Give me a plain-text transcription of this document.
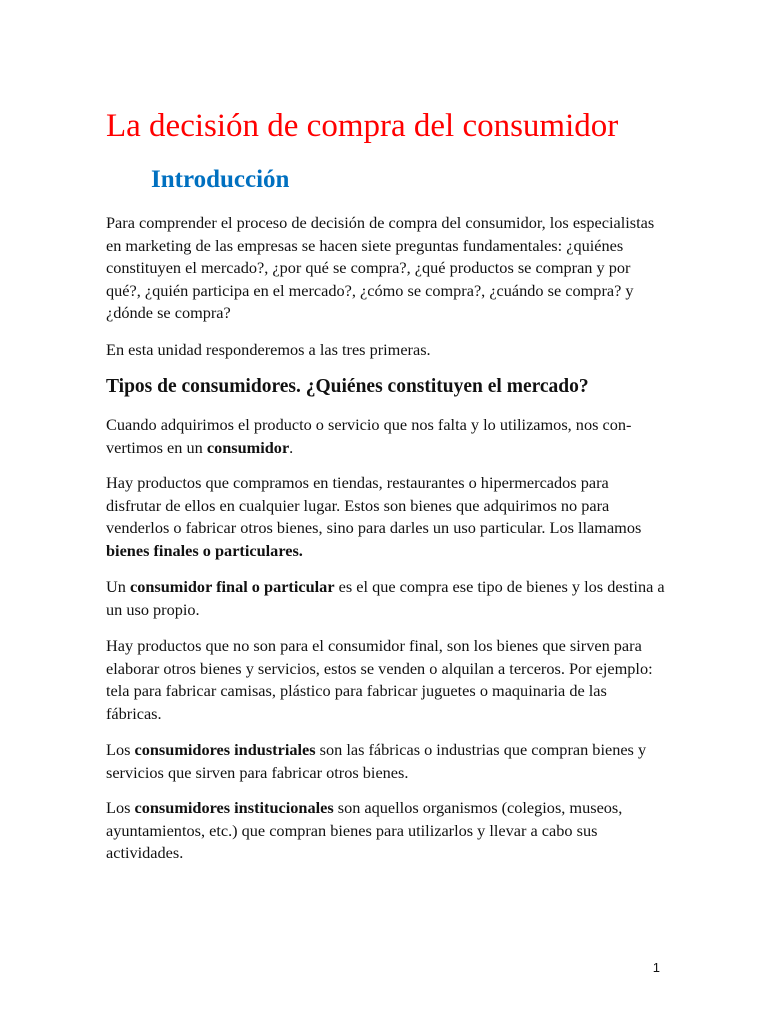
La decisión de compra del consumidor
Introducción

Para comprender el proceso de decisión de compra del consumidor, los especialistas en marketing de las empresas se hacen siete preguntas fundamentales: ¿quiénes constituyen el mercado?, ¿por qué se compra?, ¿qué productos se compran y por qué?, ¿quién participa en el mercado?, ¿cómo se compra?, ¿cuándo se compra? y ¿dónde se compra?

En esta unidad responderemos a las tres primeras.

Tipos de consumidores. ¿Quiénes constituyen el mercado?

Cuando adquirimos el producto o servicio que nos falta y lo utilizamos, nos con- vertimos en un consumidor.

Hay productos que compramos en tiendas, restaurantes o hipermercados para disfrutar de ellos en cualquier lugar. Estos son bienes que adquirimos no para venderlos o fabricar otros bienes, sino para darles un uso particular. Los llamamos bienes finales o particulares.

Un consumidor final o particular es el que compra ese tipo de bienes y los destina a un uso propio.

Hay productos que no son para el consumidor final, son los bienes que sirven para elaborar otros bienes y servicios, estos se venden o alquilan a terceros. Por ejemplo: tela para fabricar camisas, plástico para fabricar juguetes o maquinaria de las fábricas.

Los consumidores industriales son las fábricas o industrias que compran bienes y servicios que sirven para fabricar otros bienes.

Los consumidores institucionales son aquellos organismos (colegios, museos, ayuntamientos, etc.) que compran bienes para utilizarlos y llevar a cabo sus actividades.

1
